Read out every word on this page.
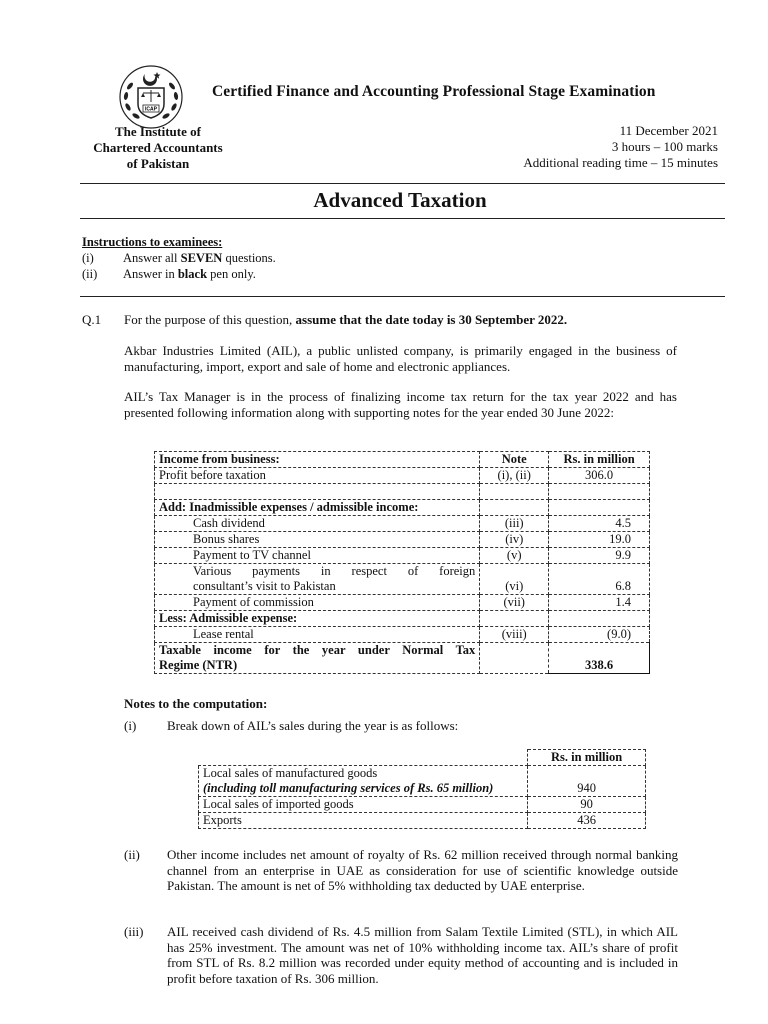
ICAP
Certified Finance and Accounting Professional Stage Examination
The Institute of
Chartered Accountants
of Pakistan
11 December 2021
3 hours – 100 marks
Additional reading time – 15 minutes
Advanced Taxation
Instructions to examinees:
(i) Answer all SEVEN questions.
(ii) Answer in black pen only.
Q.1 For the purpose of this question, assume that the date today is 30 September 2022.
Akbar Industries Limited (AIL), a public unlisted company, is primarily engaged in the business of manufacturing, import, export and sale of home and electronic appliances.
AIL’s Tax Manager is in the process of finalizing income tax return for the tax year 2022 and has presented following information along with supporting notes for the year ended 30 June 2022:
Income from business:	Note	Rs. in million
Profit before taxation	(i), (ii)	306.0

Add: Inadmissible expenses / admissible income:		
Cash dividend	(iii)	4.5
Bonus shares	(iv)	19.0
Payment to TV channel	(v)	9.9

Various payments in respect of foreign
consultant’s visit to Pakistan	(vi)	6.8
Payment of commission	(vii)	1.4
Less: Admissible expense:		
Lease rental	(viii)	(9.0)

Taxable income for the year under Normal Tax
Regime (NTR)		338.6
Notes to the computation:
(i) Break down of AIL’s sales during the year is as follows:
	Rs. in million

Local sales of manufactured goods
(including toll manufacturing services of Rs. 65 million)	940
Local sales of imported goods	90
Exports	436
(ii) Other income includes net amount of royalty of Rs. 62 million received through normal banking channel from an enterprise in UAE as consideration for use of scientific knowledge outside Pakistan. The amount is net of 5% withholding tax deducted by UAE enterprise.
(iii) AIL received cash dividend of Rs. 4.5 million from Salam Textile Limited (STL), in which AIL has 25% investment. The amount was net of 10% withholding income tax. AIL’s share of profit from STL of Rs. 8.2 million was recorded under equity method of accounting and is included in profit before taxation of Rs. 306 million.
